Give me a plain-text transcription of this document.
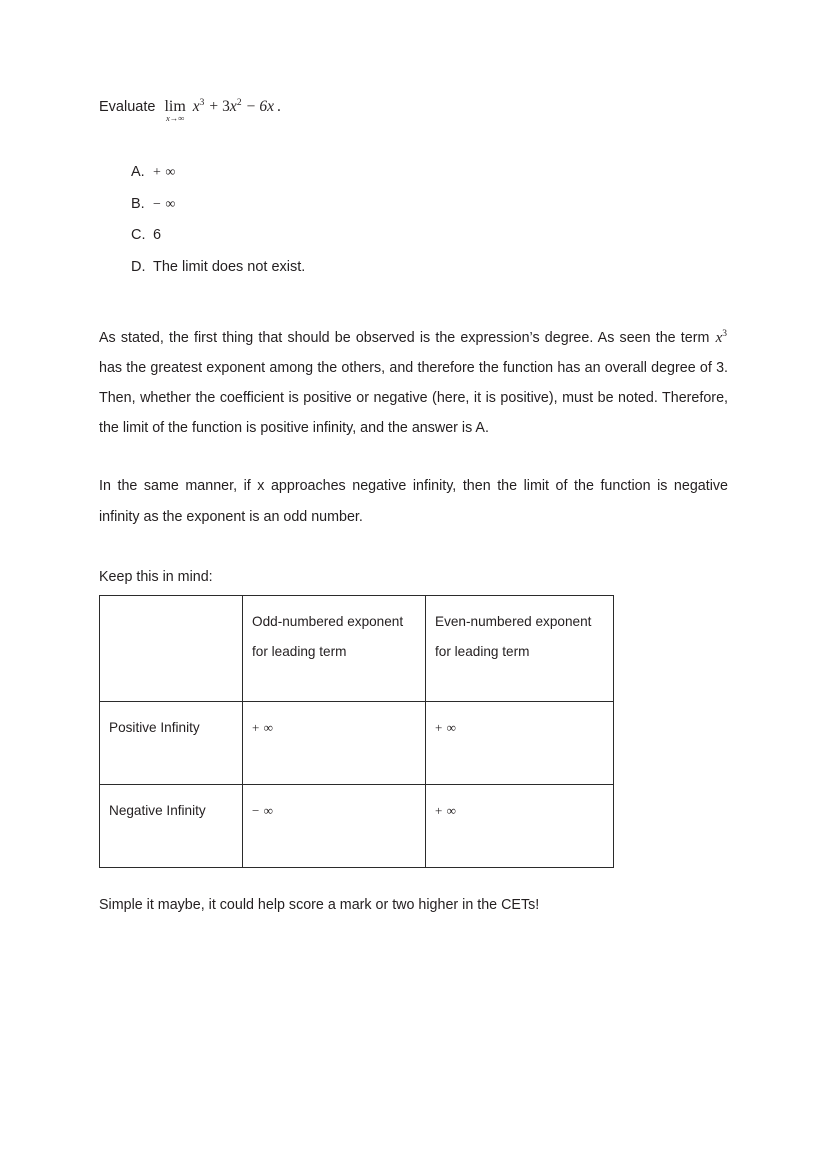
Evaluate lim
x→∞
$x^3 + 3x^2 - 6x$ .
A. + ∞
B. − ∞
C. 6
D. The limit does not exist.
As stated, the first thing that should be observed is the expression’s degree. As seen the term $x^3$ has the greatest exponent among the others, and therefore the function has an overall degree of 3. Then, whether the coefficient is positive or negative (here, it is positive), must be noted. Therefore, the limit of the function is positive infinity, and the answer is A.
In the same manner, if x approaches negative infinity, then the limit of the function is negative infinity as the exponent is an odd number.
Keep this in mind:
	Odd-numbered exponent for leading term	Even-numbered exponent for leading term
Positive Infinity	+ ∞	+ ∞
Negative Infinity	− ∞	+ ∞
Simple it maybe, it could help score a mark or two higher in the CETs!
